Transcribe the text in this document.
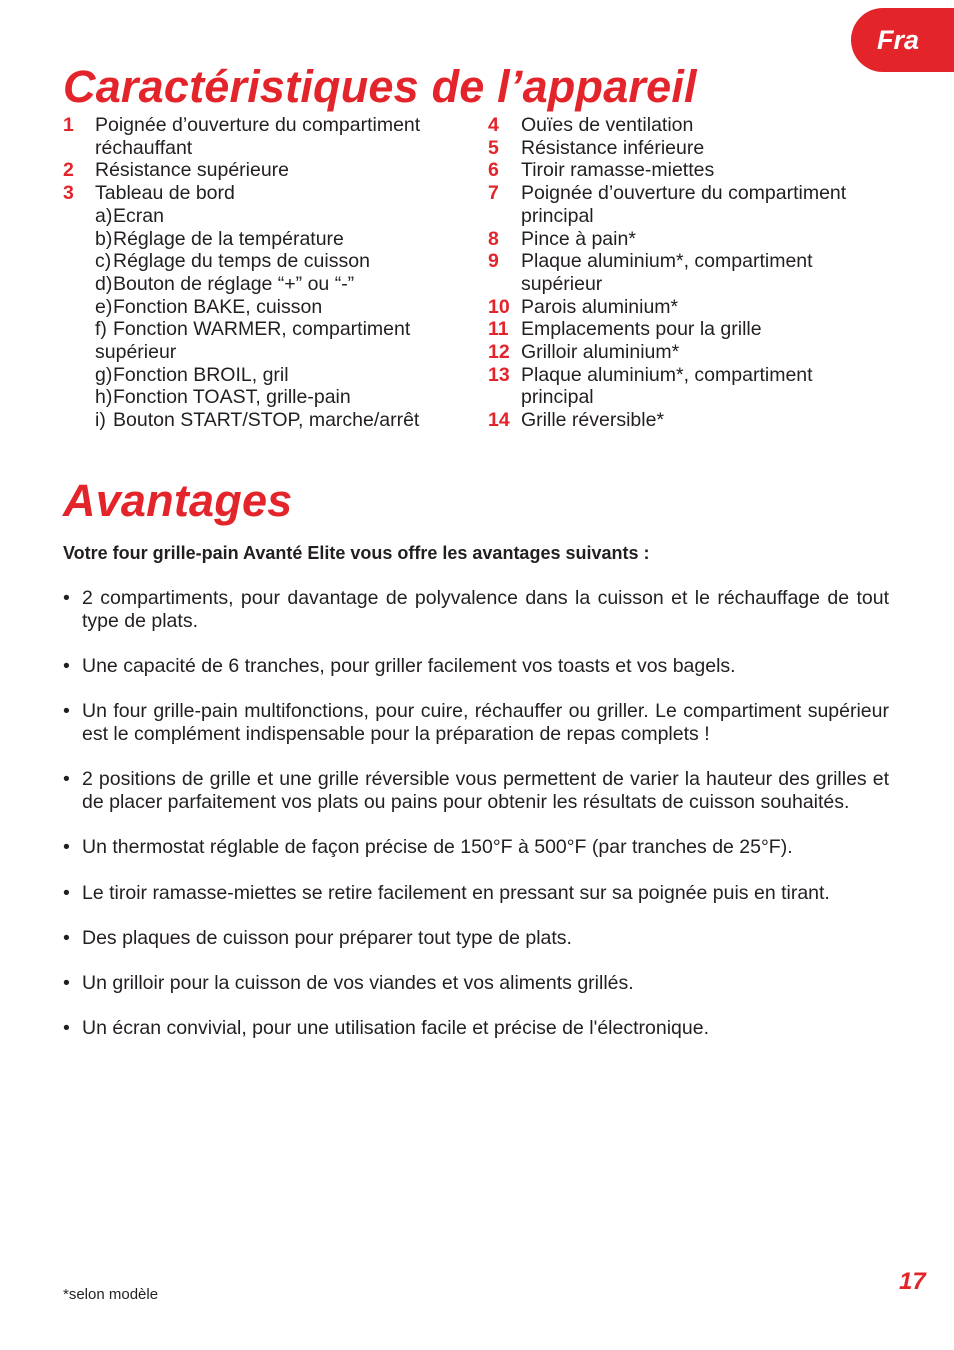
Fra
Caractéristiques de l’appareil
1	Poignée d’ouverture du compartiment réchauffant
2	Résistance supérieure
3	Tableau de bord
a) Ecran
b) Réglage de la température
c) Réglage du temps de cuisson
d) Bouton de réglage “+” ou “-”
e) Fonction BAKE, cuisson
f) Fonction WARMER, compartiment
supérieur
g) Fonction BROIL, gril
h) Fonction TOAST, grille-pain
i) Bouton START/STOP, marche/arrêt
4	Ouïes de ventilation
5	Résistance inférieure
6	Tiroir ramasse-miettes
7	Poignée d’ouverture du compartiment principal
8	Pince à pain*
9	Plaque aluminium*, compartiment supérieur
10 Parois aluminium*
11 Emplacements pour la grille
12 Grilloir aluminium*
13 Plaque aluminium*, compartiment principal
14 Grille réversible*
Avantages
Votre four grille-pain Avanté Elite vous offre les avantages suivants :
• 2 compartiments, pour davantage de polyvalence dans la cuisson et le réchauffage de tout type de plats.
• Une capacité de 6 tranches, pour griller facilement vos toasts et vos bagels.
• Un four grille-pain multifonctions, pour cuire, réchauffer ou griller. Le compartiment supérieur est le complément indispensable pour la préparation de repas complets !
• 2 positions de grille et une grille réversible vous permettent de varier la hauteur des grilles et de placer parfaitement vos plats ou pains pour obtenir les résultats de cuisson souhaités.
• Un thermostat réglable de façon précise de 150°F à 500°F (par tranches de 25°F).
• Le tiroir ramasse-miettes se retire facilement en pressant sur sa poignée puis en tirant.
• Des plaques de cuisson pour préparer tout type de plats.
• Un grilloir pour la cuisson de vos viandes et vos aliments grillés.
• Un écran convivial, pour une utilisation facile et précise de l'électronique.
*selon modèle	17
